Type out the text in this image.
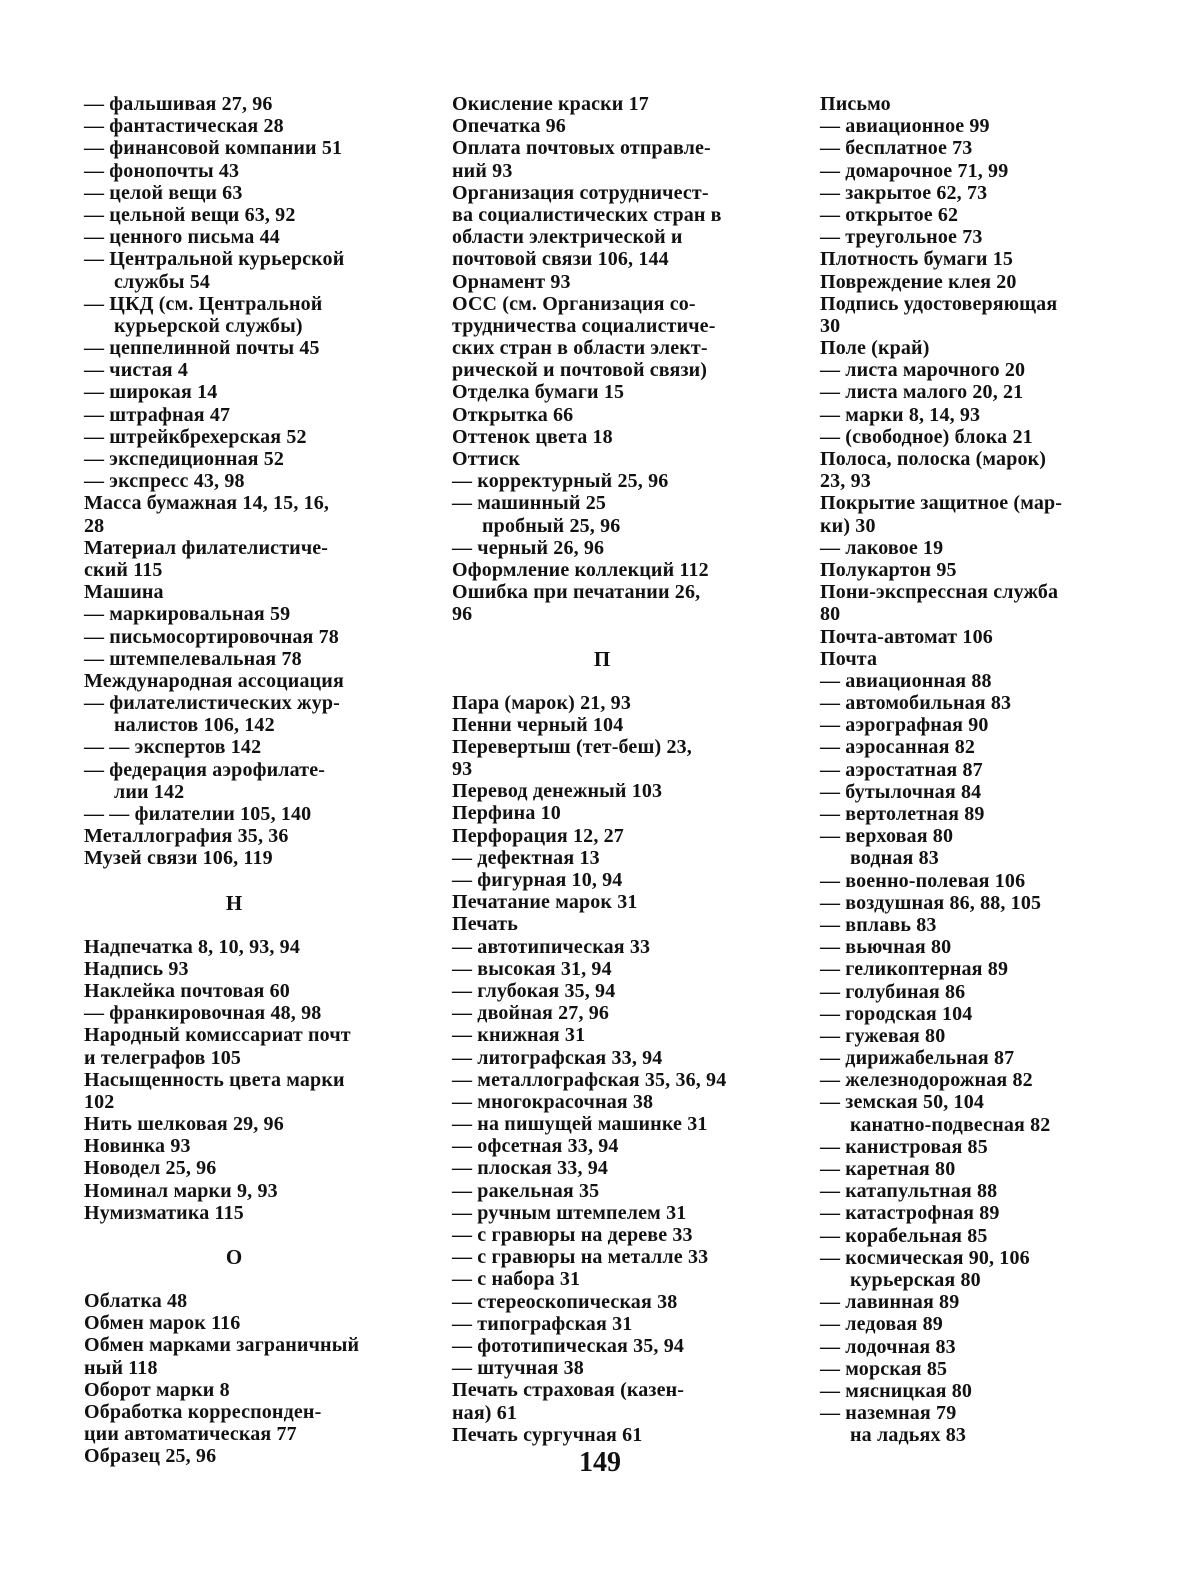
— фальшивая 27, 96
— фантастическая 28
— финансовой компании 51
— фонопочты 43
— целой вещи 63
— цельной вещи 63, 92
— ценного письма 44
— Центральной курьерской
службы 54
— ЦКД (см. Центральной
курьерской службы)
— цеппелинной почты 45
— чистая 4
— широкая 14
— штрафная 47
— штрейкбрехерская 52
— экспедиционная 52
— экспресс 43, 98
Масса бумажная 14, 15, 16,
28
Материал филателистиче-
ский 115
Машина
— маркировальная 59
— письмосортировочная 78
— штемпелевальная 78
Международная ассоциация
— филателистических жур-
налистов 106, 142
— — экспертов 142
— федерация аэрофилате-
лии 142
— — филателии 105, 140
Металлография 35, 36
Музей связи 106, 119
Н
Надпечатка 8, 10, 93, 94
Надпись 93
Наклейка почтовая 60
— франкировочная 48, 98
Народный комиссариат почт
и телеграфов 105
Насыщенность цвета марки
102
Нить шелковая 29, 96
Новинка 93
Новодел 25, 96
Номинал марки 9, 93
Нумизматика 115
О
Облатка 48
Обмен марок 116
Обмен марками заграничный
ный 118
Оборот марки 8
Обработка корреспонден-
ции автоматическая 77
Образец 25, 96
Окисление краски 17
Опечатка 96
Оплата почтовых отправле-
ний 93
Организация сотрудничест-
ва социалистических стран в
области электрической и
почтовой связи 106, 144
Орнамент 93
ОСС (см. Организация со-
трудничества социалистиче-
ских стран в области элект-
рической и почтовой связи)
Отделка бумаги 15
Открытка 66
Оттенок цвета 18
Оттиск
— корректурный 25, 96
— машинный 25
пробный 25, 96
— черный 26, 96
Оформление коллекций 112
Ошибка при печатании 26,
96
П
Пара (марок) 21, 93
Пенни черный 104
Перевертыш (тет-беш) 23,
93
Перевод денежный 103
Перфина 10
Перфорация 12, 27
— дефектная 13
— фигурная 10, 94
Печатание марок 31
Печать
— автотипическая 33
— высокая 31, 94
— глубокая 35, 94
— двойная 27, 96
— книжная 31
— литографская 33, 94
— металлографская 35, 36, 94
— многокрасочная 38
— на пишущей машинке 31
— офсетная 33, 94
— плоская 33, 94
— ракельная 35
— ручным штемпелем 31
— с гравюры на дереве 33
— с гравюры на металле 33
— с набора 31
— стереоскопическая 38
— типографская 31
— фототипическая 35, 94
— штучная 38
Печать страховая (казен-
ная) 61
Печать сургучная 61
Письмо
— авиационное 99
— бесплатное 73
— домарочное 71, 99
— закрытое 62, 73
— открытое 62
— треугольное 73
Плотность бумаги 15
Повреждение клея 20
Подпись удостоверяющая
30
Поле (край)
— листа марочного 20
— листа малого 20, 21
— марки 8, 14, 93
— (свободное) блока 21
Полоса, полоска (марок)
23, 93
Покрытие защитное (мар-
ки) 30
— лаковое 19
Полукартон 95
Пони-экспрессная служба
80
Почта-автомат 106
Почта
— авиационная 88
— автомобильная 83
— аэрографная 90
— аэросанная 82
— аэростатная 87
— бутылочная 84
— вертолетная 89
— верховая 80
водная 83
— военно-полевая 106
— воздушная 86, 88, 105
— вплавь 83
— вьючная 80
— геликоптерная 89
— голубиная 86
— городская 104
— гужевая 80
— дирижабельная 87
— железнодорожная 82
— земская 50, 104
канатно-подвесная 82
— канистровая 85
— каретная 80
— катапультная 88
— катастрофная 89
— корабельная 85
— космическая 90, 106
курьерская 80
— лавинная 89
— ледовая 89
— лодочная 83
— морская 85
— мясницкая 80
— наземная 79
на ладьях 83
149
